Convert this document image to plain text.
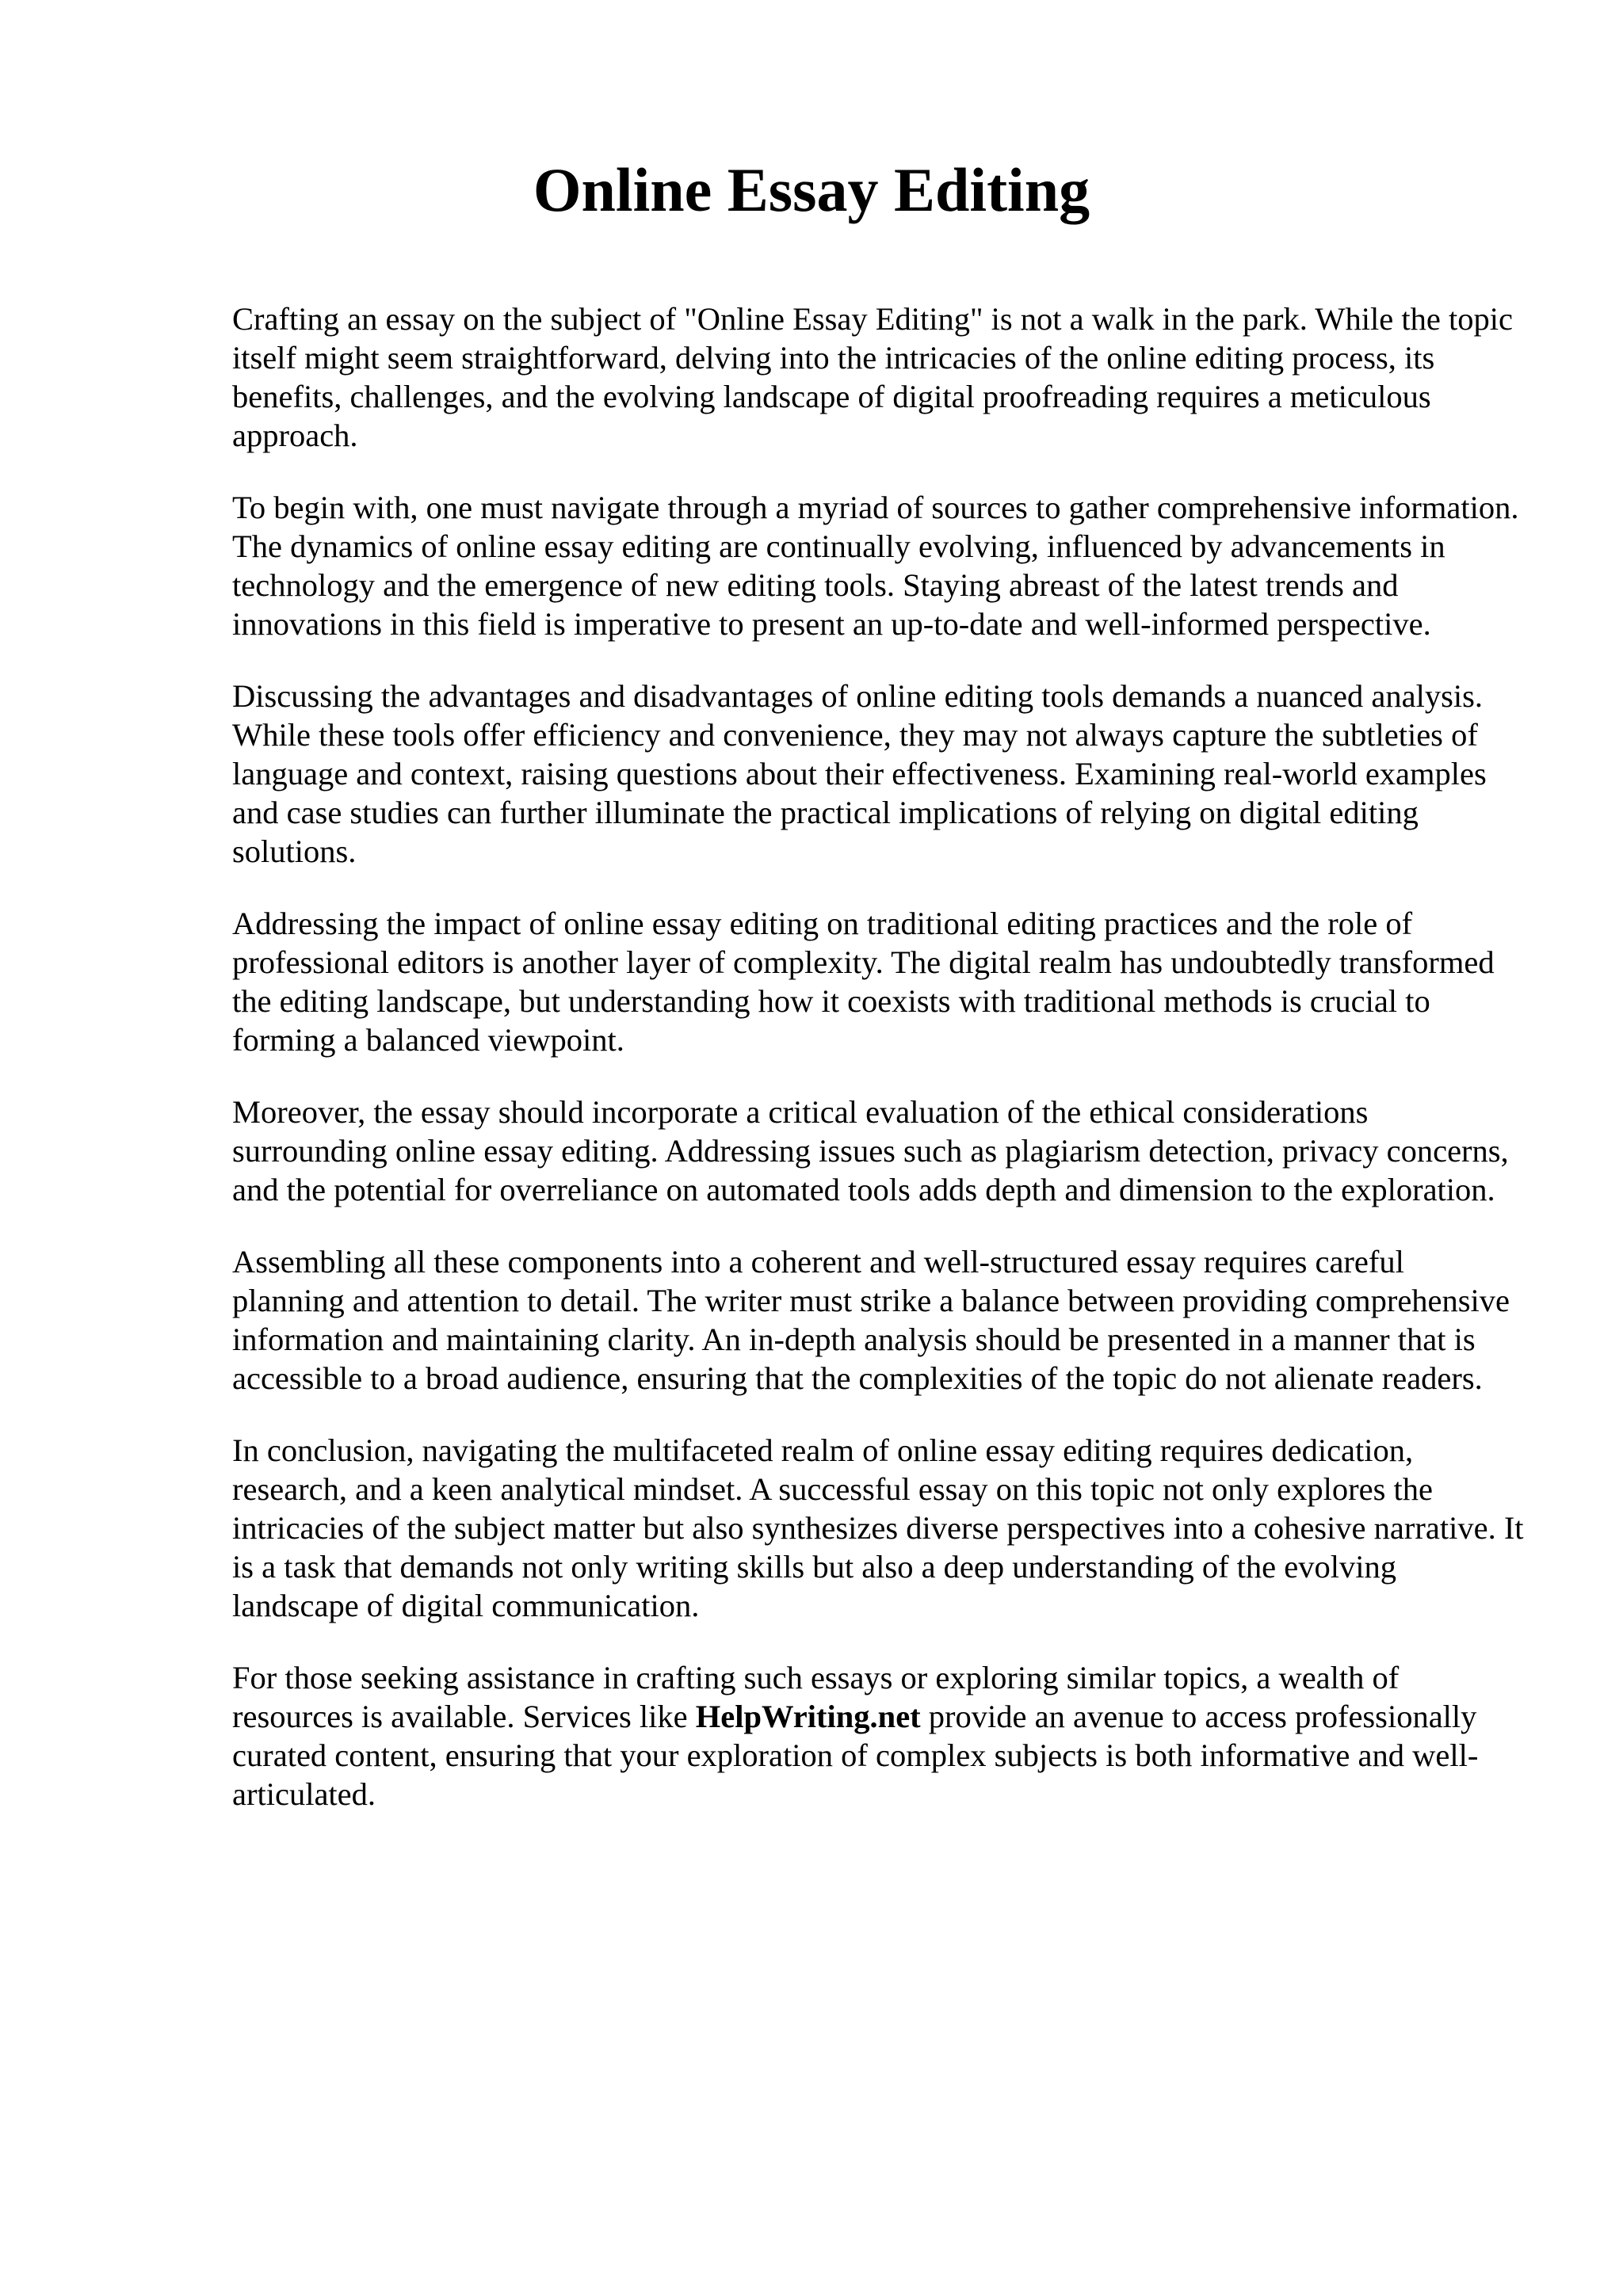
Online Essay Editing

Crafting an essay on the subject of "Online Essay Editing" is not a walk in the park. While the topic itself might seem straightforward, delving into the intricacies of the online editing process, its benefits, challenges, and the evolving landscape of digital proofreading requires a meticulous approach.

To begin with, one must navigate through a myriad of sources to gather comprehensive information. The dynamics of online essay editing are continually evolving, influenced by advancements in technology and the emergence of new editing tools. Staying abreast of the latest trends and innovations in this field is imperative to present an up-to-date and well-informed perspective.

Discussing the advantages and disadvantages of online editing tools demands a nuanced analysis. While these tools offer efficiency and convenience, they may not always capture the subtleties of language and context, raising questions about their effectiveness. Examining real-world examples and case studies can further illuminate the practical implications of relying on digital editing solutions.

Addressing the impact of online essay editing on traditional editing practices and the role of professional editors is another layer of complexity. The digital realm has undoubtedly transformed the editing landscape, but understanding how it coexists with traditional methods is crucial to forming a balanced viewpoint.

Moreover, the essay should incorporate a critical evaluation of the ethical considerations surrounding online essay editing. Addressing issues such as plagiarism detection, privacy concerns, and the potential for overreliance on automated tools adds depth and dimension to the exploration.

Assembling all these components into a coherent and well-structured essay requires careful planning and attention to detail. The writer must strike a balance between providing comprehensive information and maintaining clarity. An in-depth analysis should be presented in a manner that is accessible to a broad audience, ensuring that the complexities of the topic do not alienate readers.

In conclusion, navigating the multifaceted realm of online essay editing requires dedication, research, and a keen analytical mindset. A successful essay on this topic not only explores the intricacies of the subject matter but also synthesizes diverse perspectives into a cohesive narrative. It is a task that demands not only writing skills but also a deep understanding of the evolving landscape of digital communication.

For those seeking assistance in crafting such essays or exploring similar topics, a wealth of resources is available. Services like HelpWriting.net provide an avenue to access professionally curated content, ensuring that your exploration of complex subjects is both informative and well-articulated.
